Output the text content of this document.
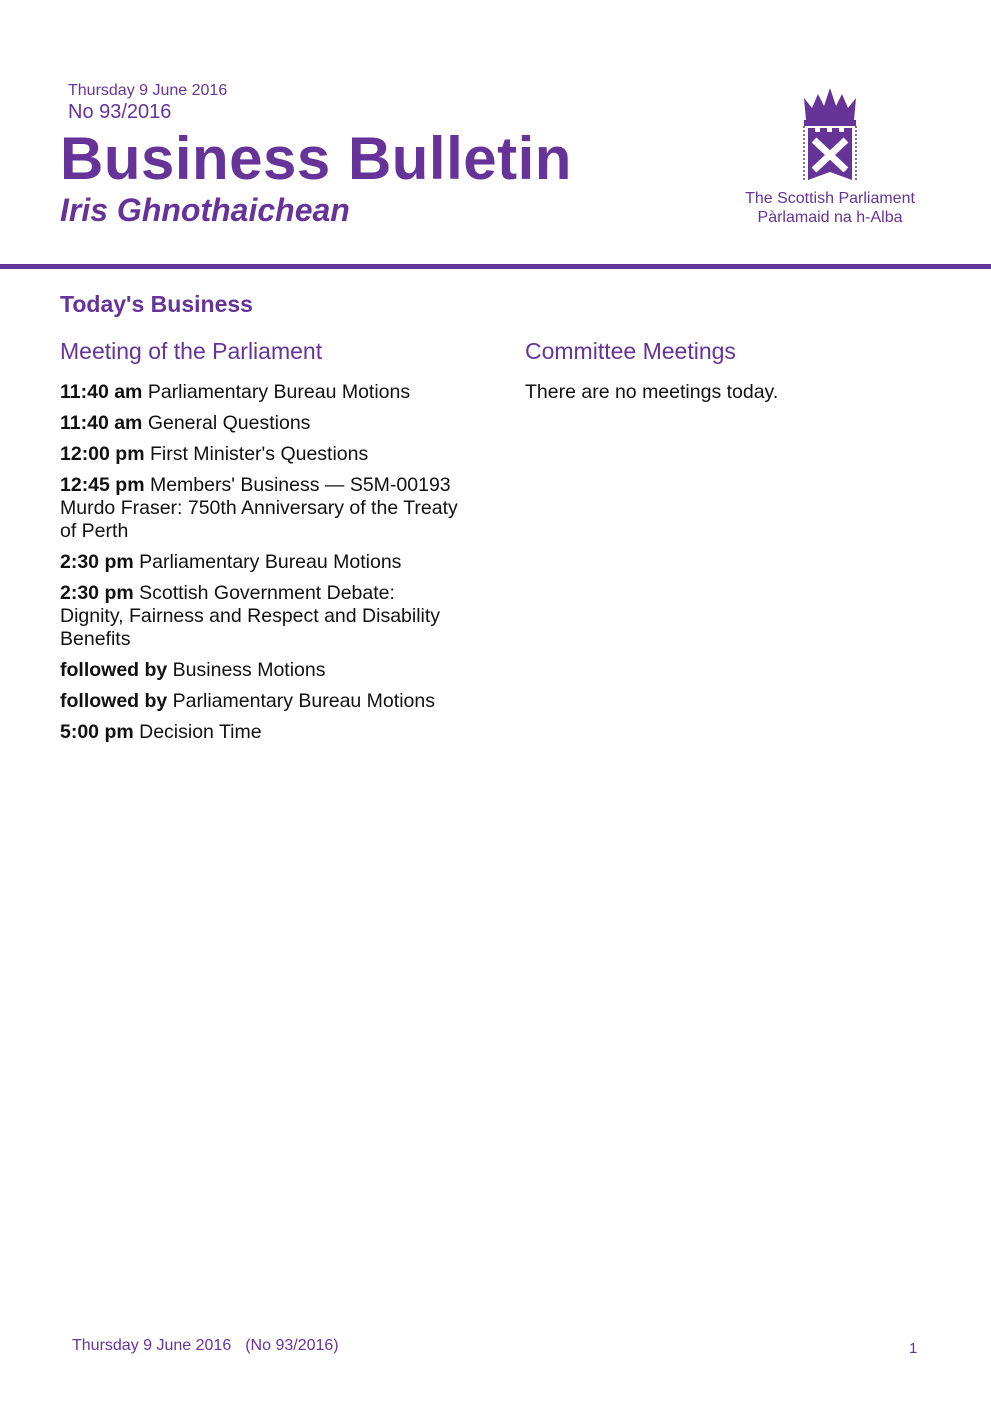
Thursday 9 June 2016
No 93/2016
Business Bulletin
Iris Ghnothaichean	The Scottish Parliament
Pàrlamaid na h-Alba
Today's Business
Meeting of the Parliament	Committee Meetings
11:40 am Parliamentary Bureau Motions
11:40 am General Questions
12:00 pm First Minister's Questions
12:45 pm Members' Business — S5M-00193 Murdo Fraser: 750th Anniversary of the Treaty of Perth
2:30 pm Parliamentary Bureau Motions
2:30 pm Scottish Government Debate: Dignity, Fairness and Respect and Disability Benefits
followed by Business Motions
followed by Parliamentary Bureau Motions
5:00 pm Decision Time
There are no meetings today.
Thursday 9 June 2016 (No 93/2016)	1
